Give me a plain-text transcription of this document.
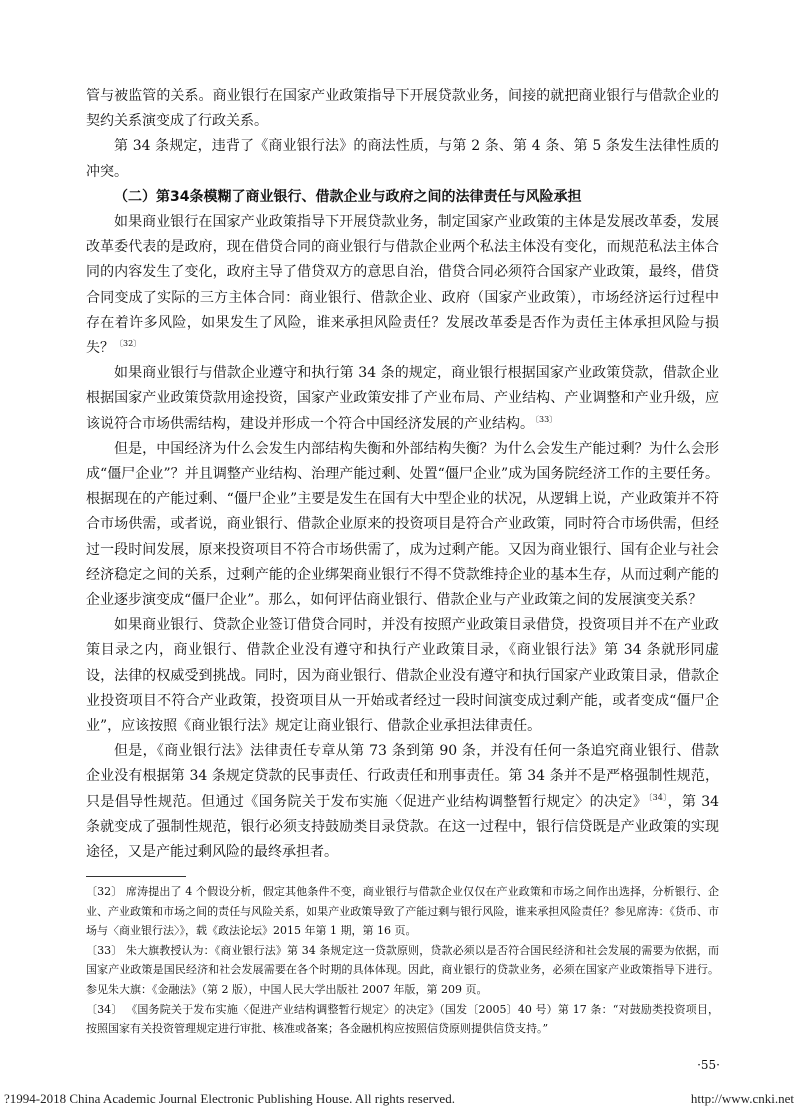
管与被监管的关系。商业银行在国家产业政策指导下开展贷款业务，间接的就把商业银行与借款企业的契约关系演变成了行政关系。

第 34 条规定，违背了《商业银行法》的商法性质，与第 2 条、第 4 条、第 5 条发生法律性质的冲突。

（二）第34条模糊了商业银行、借款企业与政府之间的法律责任与风险承担

如果商业银行在国家产业政策指导下开展贷款业务，制定国家产业政策的主体是发展改革委，发展改革委代表的是政府，现在借贷合同的商业银行与借款企业两个私法主体没有变化，而规范私法主体合同的内容发生了变化，政府主导了借贷双方的意思自治，借贷合同必须符合国家产业政策，最终，借贷合同变成了实际的三方主体合同：商业银行、借款企业、政府（国家产业政策），市场经济运行过程中存在着许多风险，如果发生了风险，谁来承担风险责任？发展改革委是否作为责任主体承担风险与损失？$^{〔32〕}$

如果商业银行与借款企业遵守和执行第 34 条的规定，商业银行根据国家产业政策贷款，借款企业根据国家产业政策贷款用途投资，国家产业政策安排了产业布局、产业结构、产业调整和产业升级，应该说符合市场供需结构，建设并形成一个符合中国经济发展的产业结构。$^{〔33〕}$

但是，中国经济为什么会发生内部结构失衡和外部结构失衡？为什么会发生产能过剩？为什么会形成“僵尸企业”？并且调整产业结构、治理产能过剩、处置“僵尸企业”成为国务院经济工作的主要任务。根据现在的产能过剩、“僵尸企业”主要是发生在国有大中型企业的状况，从逻辑上说，产业政策并不符合市场供需，或者说，商业银行、借款企业原来的投资项目是符合产业政策，同时符合市场供需，但经过一段时间发展，原来投资项目不符合市场供需了，成为过剩产能。又因为商业银行、国有企业与社会经济稳定之间的关系，过剩产能的企业绑架商业银行不得不贷款维持企业的基本生存，从而过剩产能的企业逐步演变成“僵尸企业”。那么，如何评估商业银行、借款企业与产业政策之间的发展演变关系？

如果商业银行、贷款企业签订借贷合同时，并没有按照产业政策目录借贷，投资项目并不在产业政策目录之内，商业银行、借款企业没有遵守和执行产业政策目录，《商业银行法》第 34 条就形同虚设，法律的权威受到挑战。同时，因为商业银行、借款企业没有遵守和执行国家产业政策目录，借款企业投资项目不符合产业政策，投资项目从一开始或者经过一段时间演变成过剩产能，或者变成“僵尸企业”，应该按照《商业银行法》规定让商业银行、借款企业承担法律责任。

但是，《商业银行法》法律责任专章从第 73 条到第 90 条，并没有任何一条追究商业银行、借款企业没有根据第 34 条规定贷款的民事责任、行政责任和刑事责任。第 34 条并不是严格强制性规范，只是倡导性规范。但通过《国务院关于发布实施〈促进产业结构调整暂行规定〉的决定》$^{〔34〕}$，第 34 条就变成了强制性规范，银行必须支持鼓励类目录贷款。在这一过程中，银行信贷既是产业政策的实现途径，又是产能过剩风险的最终承担者。

〔32〕 席涛提出了 4 个假设分析，假定其他条件不变，商业银行与借款企业仅仅在产业政策和市场之间作出选择，分析银行、企业、产业政策和市场之间的责任与风险关系，如果产业政策导致了产能过剩与银行风险，谁来承担风险责任？参见席涛：《货币、市场与〈商业银行法〉》，载《政法论坛》2015 年第 1 期，第 16 页。

〔33〕 朱大旗教授认为：《商业银行法》第 34 条规定这一贷款原则，贷款必须以是否符合国民经济和社会发展的需要为依据，而国家产业政策是国民经济和社会发展需要在各个时期的具体体现。因此，商业银行的贷款业务，必须在国家产业政策指导下进行。参见朱大旗：《金融法》（第 2 版），中国人民大学出版社 2007 年版，第 209 页。

〔34〕 《国务院关于发布实施〈促进产业结构调整暂行规定〉的决定》（国发〔2005〕40 号）第 17 条：“对鼓励类投资项目，按照国家有关投资管理规定进行审批、核准或备案；各金融机构应按照信贷原则提供信贷支持。”

·55·
?1994-2018 China Academic Journal Electronic Publishing House. All rights reserved.	http://www.cnki.net
